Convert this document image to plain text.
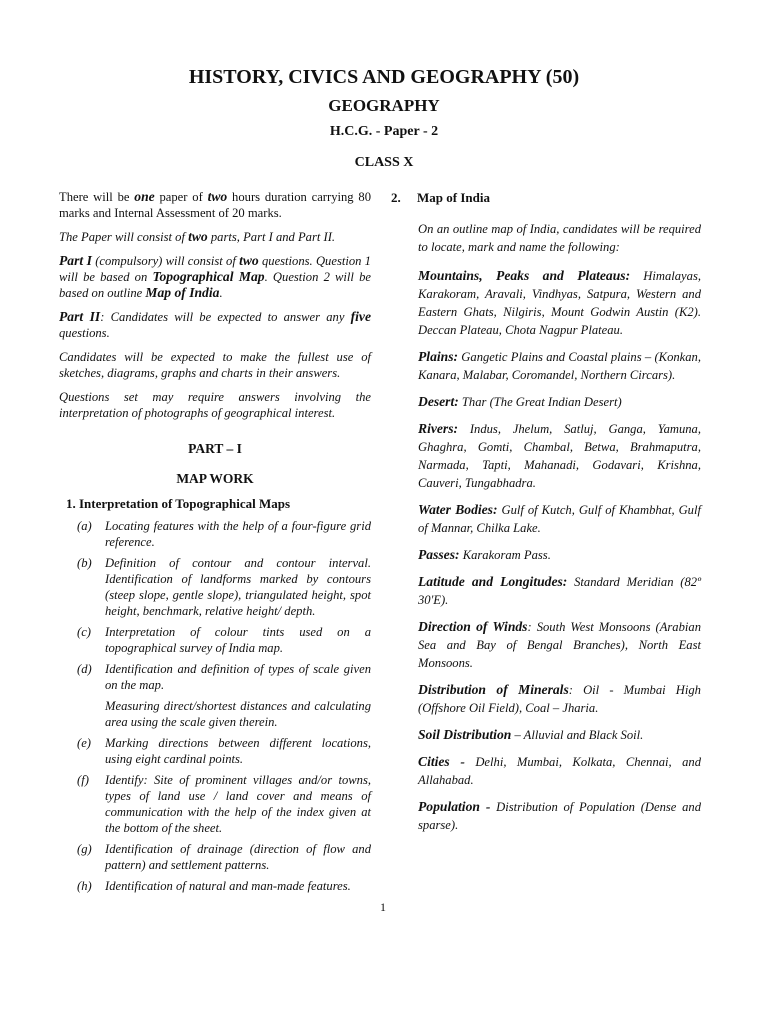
HISTORY, CIVICS AND GEOGRAPHY (50)
GEOGRAPHY
H.C.G. - Paper - 2
CLASS X

There will be one paper of two hours duration carrying 80 marks and Internal Assessment of 20 marks.

The Paper will consist of two parts, Part I and Part II.

Part I (compulsory) will consist of two questions. Question 1 will be based on Topographical Map. Question 2 will be based on outline Map of India.

Part II: Candidates will be expected to answer any five questions.

Candidates will be expected to make the fullest use of sketches, diagrams, graphs and charts in their answers.

Questions set may require answers involving the interpretation of photographs of geographical interest.

PART – I
MAP WORK
1. Interpretation of Topographical Maps
(a)	Locating features with the help of a four-figure grid reference.
(b)	Definition of contour and contour interval. Identification of landforms marked by contours (steep slope, gentle slope), triangulated height, spot height, benchmark, relative height/ depth.
(c)	Interpretation of colour tints used on a topographical survey of India map.
(d)	Identification and definition of types of scale given on the map.
Measuring direct/shortest distances and calculating area using the scale given therein.
(e)	Marking directions between different locations, using eight cardinal points.
(f)	Identify: Site of prominent villages and/or towns, types of land use / land cover and means of communication with the help of the index given at the bottom of the sheet.
(g)	Identification of drainage (direction of flow and pattern) and settlement patterns.
(h)	Identification of natural and man-made features.
2.	Map of India
On an outline map of India, candidates will be required to locate, mark and name the following:
Mountains, Peaks and Plateaus: Himalayas, Karakoram, Aravali, Vindhyas, Satpura, Western and Eastern Ghats, Nilgiris, Mount Godwin Austin (K2). Deccan Plateau, Chota Nagpur Plateau.
Plains: Gangetic Plains and Coastal plains – (Konkan, Kanara, Malabar, Coromandel, Northern Circars).
Desert: Thar (The Great Indian Desert)
Rivers: Indus, Jhelum, Satluj, Ganga, Yamuna, Ghaghra, Gomti, Chambal, Betwa, Brahmaputra, Narmada, Tapti, Mahanadi, Godavari, Krishna, Cauveri, Tungabhadra.
Water Bodies: Gulf of Kutch, Gulf of Khambhat, Gulf of Mannar, Chilka Lake.
Passes: Karakoram Pass.
Latitude and Longitudes: Standard Meridian (82º 30'E).
Direction of Winds: South West Monsoons (Arabian Sea and Bay of Bengal Branches), North East Monsoons.
Distribution of Minerals: Oil - Mumbai High (Offshore Oil Field), Coal – Jharia.
Soil Distribution – Alluvial and Black Soil.
Cities - Delhi, Mumbai, Kolkata, Chennai, and Allahabad.
Population - Distribution of Population (Dense and sparse).
1
